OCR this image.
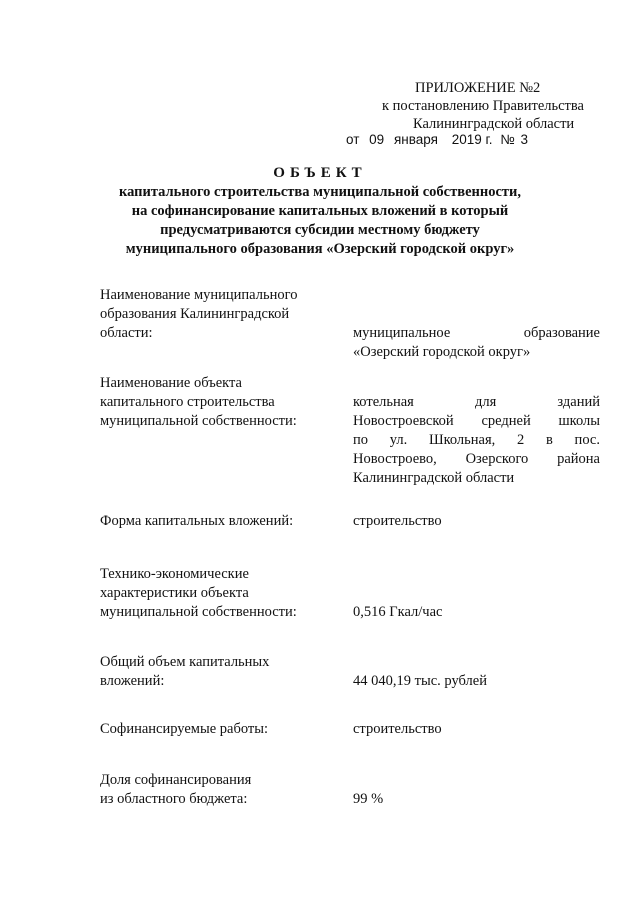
ПРИЛОЖЕНИЕ №2
к постановлению Правительства
Калининградской области
от 09 января 2019 г. № 3
ОБЪЕКТ
капитального строительства муниципальной собственности,
на софинансирование капитальных вложений в который
предусматриваются субсидии местному бюджету
муниципального образования «Озерский городской округ»
Наименование муниципального
образования Калининградской
области:	муниципальное образование
«Озерский городской округ»
Наименование объекта
капитального строительства
муниципальной собственности:
котельная для зданий
Новостроевской средней школы
по ул. Школьная, 2 в пос.
Новостроево, Озерского района
Калининградской области
Форма капитальных вложений:	строительство
Технико-экономические
характеристики объекта
муниципальной собственности:	0,516 Гкал/час
Общий объем капитальных
вложений:	44 040,19 тыс. рублей
Софинансируемые работы:	строительство
Доля софинансирования
из областного бюджета:	99 %
